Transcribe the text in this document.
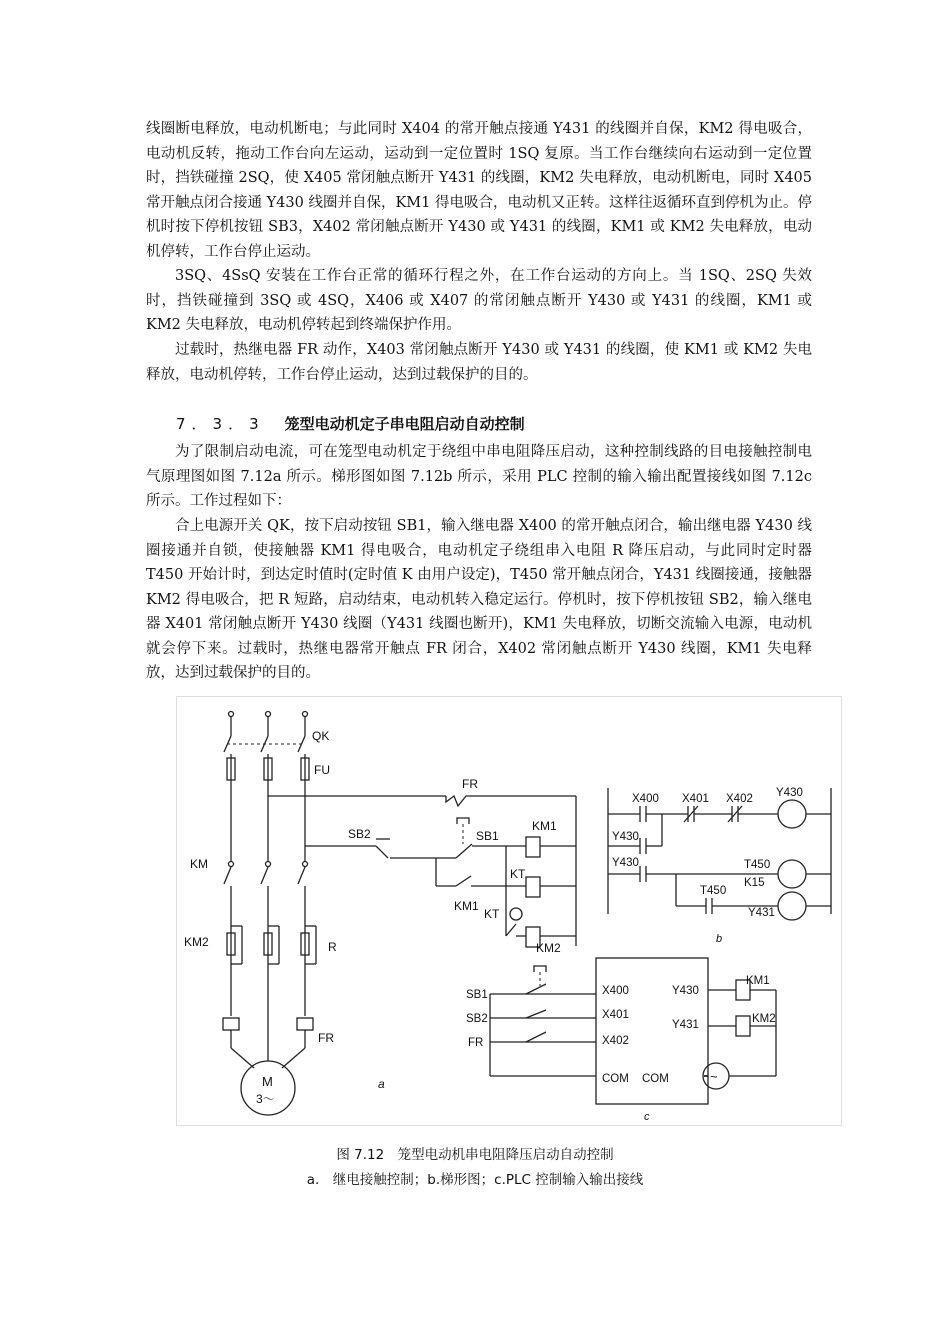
线圈断电释放，电动机断电；与此同时 X404 的常开触点接通 Y431 的线圈并自保，KM2 得电吸合，电动机反转，拖动工作台向左运动，运动到一定位置时 1SQ 复原。当工作台继续向右运动到一定位置时，挡铁碰撞 2SQ，使 X405 常闭触点断开 Y431 的线圈，KM2 失电释放，电动机断电，同时 X405 常开触点闭合接通 Y430 线圈并自保，KM1 得电吸合，电动机又正转。这样往返循环直到停机为止。停机时按下停机按钮 SB3，X402 常闭触点断开 Y430 或 Y431 的线圈，KM1 或 KM2 失电释放，电动机停转，工作台停止运动。

3SQ、4SsQ 安装在工作台正常的循环行程之外，在工作台运动的方向上。当 1SQ、2SQ 失效时，挡铁碰撞到 3SQ 或 4SQ，X406 或 X407 的常闭触点断开 Y430 或 Y431 的线圈，KM1 或 KM2 失电释放，电动机停转起到终端保护作用。

过载时，热继电器 FR 动作，X403 常闭触点断开 Y430 或 Y431 的线圈，使 KM1 或 KM2 失电释放，电动机停转，工作台停止运动，达到过载保护的目的。

7．3．3 笼型电动机定子串电阻启动自动控制

为了限制启动电流，可在笼型电动机定于绕组中串电阻降压启动，这种控制线路的目电接触控制电气原理图如图 7.12a 所示。梯形图如图 7.12b 所示，采用 PLC 控制的输入输出配置接线如图 7.12c 所示。工作过程如下：

合上电源开关 QK，按下启动按钮 SB1，输入继电器 X400 的常开触点闭合，输出继电器 Y430 线圈接通并自锁，使接触器 KM1 得电吸合，电动机定子绕组串入电阻 R 降压启动，与此同时定时器 T450 开始计时，到达定时值时(定时值 K 由用户设定)，T450 常开触点闭合，Y431 线圈接通，接触器 KM2 得电吸合，把 R 短路，启动结束，电动机转入稳定运行。停机时，按下停机按钮 SB2，输入继电器 X401 常闭触点断开 Y430 线圈（Y431 线圈也断开)，KM1 失电释放，切断交流输入电源，电动机就会停下来。过载时，热继电器常开触点 FR 闭合，X402 常闭触点断开 Y430 线圈，KM1 失电释放，达到过载保护的目的。

QK
FU
KM
KM2	R
FR
M
3～
a
FR
SB2	SB1
KM1
KM1
KT
KT
KM2
X400 X401 X402 Y430
Y430
Y430	T450
K15
T450
Y431
b
~
SB1
SB2
FR
X400
X401
X402
COM
Y430
Y431
COM
KM1
KM2
c
图 7.12　笼型电动机串电阻降压启动自动控制
a.　继电接触控制；b.梯形图；c.PLC 控制输入输出接线
